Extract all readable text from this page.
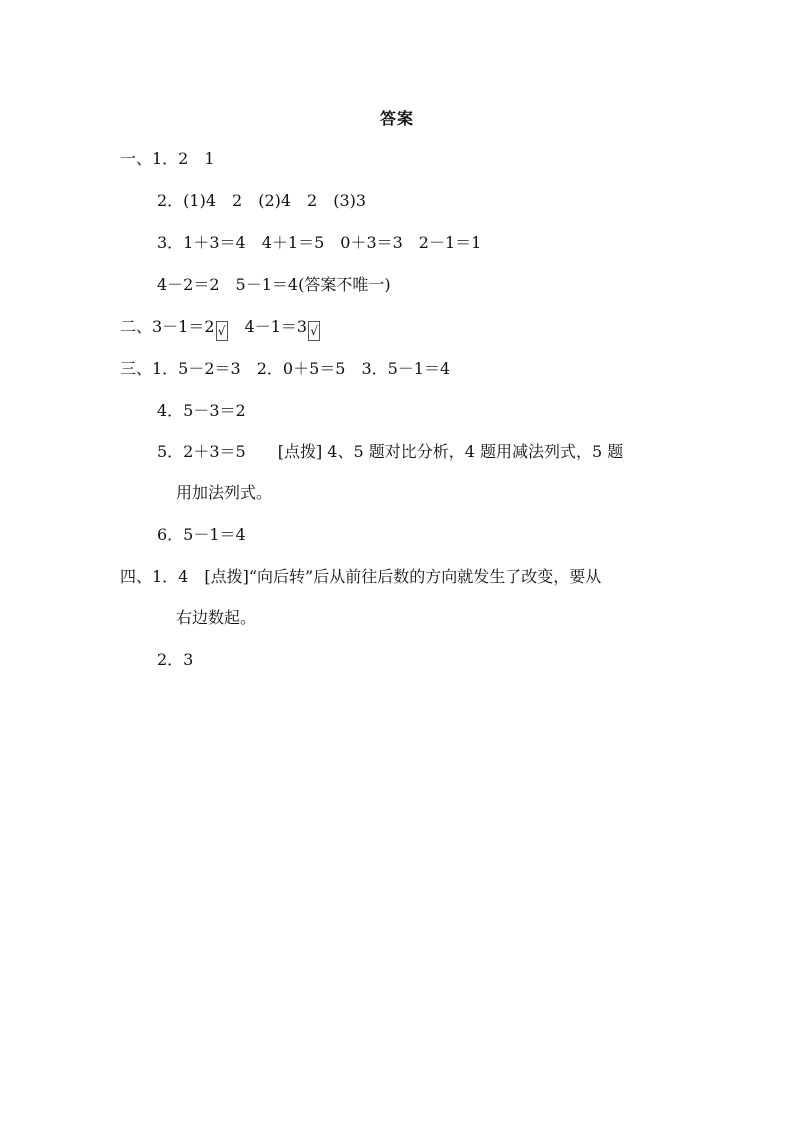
答案
一、1．2　1
2．(1)4　2　(2)4　2　(3)3
3．1＋3＝4　4＋1＝5　0＋3＝3　2－1＝1
4－2＝2　5－1＝4(答案不唯一)
二、3－1＝2 √　4－1＝3 √
三、1．5－2＝3　2．0＋5＝5　3．5－1＝4
4．5－3＝2
5．2＋3＝5　　[点拨] 4、5 题对比分析，4 题用减法列式，5 题
用加法列式。
6．5－1＝4
四、1．4　[点拨]“向后转”后从前往后数的方向就发生了改变，要从
右边数起。
2．3
